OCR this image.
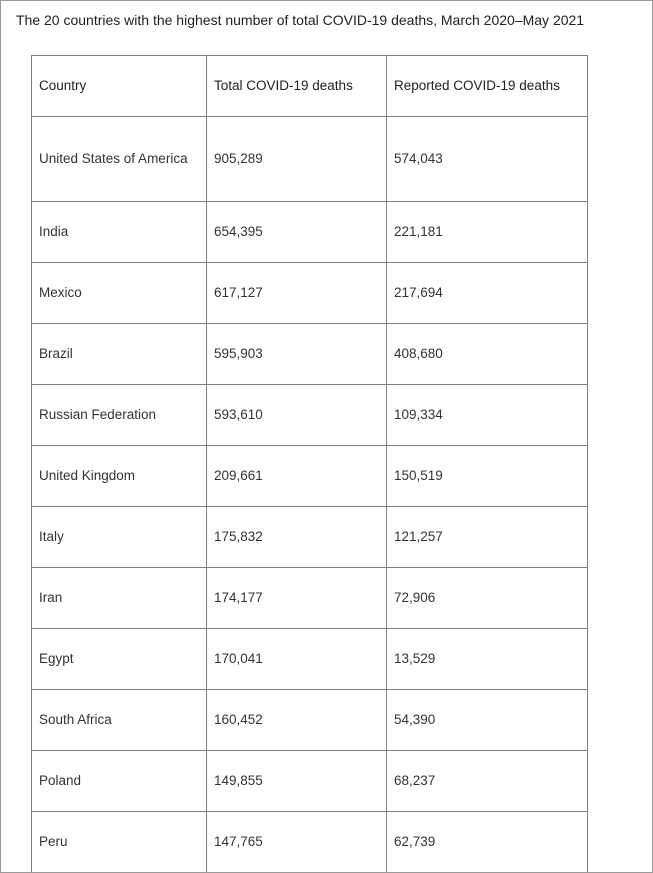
The 20 countries with the highest number of total COVID-19 deaths, March 2020–May 2021
Country	Total COVID-19 deaths	Reported COVID-19 deaths
United States of America	905,289	574,043
India	654,395	221,181
Mexico	617,127	217,694
Brazil	595,903	408,680
Russian Federation	593,610	109,334
United Kingdom	209,661	150,519
Italy	175,832	121,257
Iran	174,177	72,906
Egypt	170,041	13,529
South Africa	160,452	54,390
Poland	149,855	68,237
Peru	147,765	62,739
